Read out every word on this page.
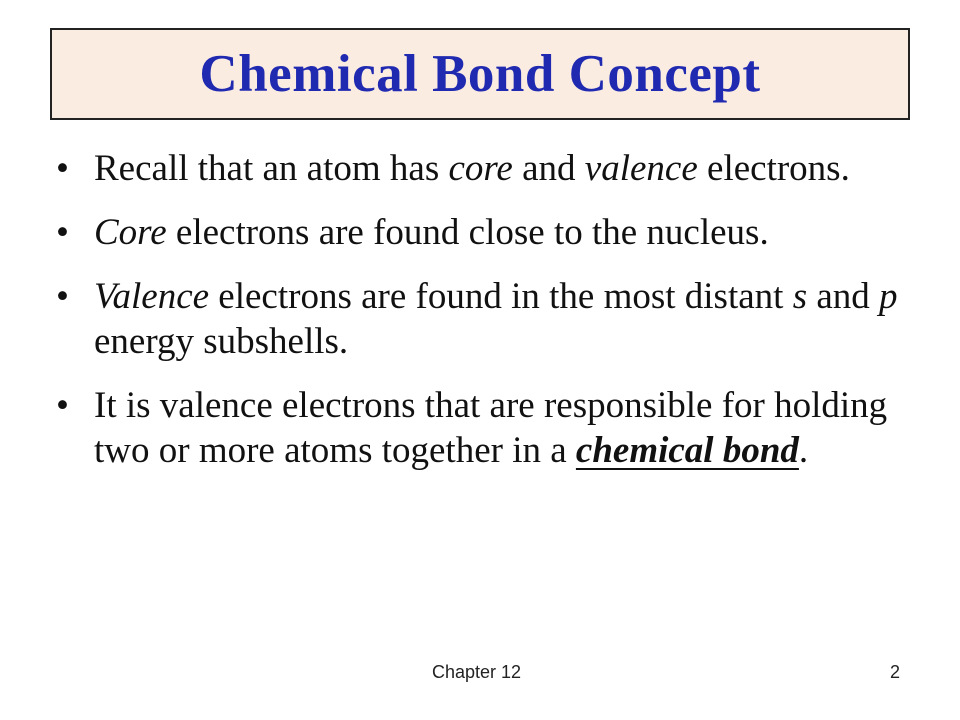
Chemical Bond Concept
• Recall that an atom has core and valence electrons.
• Core electrons are found close to the nucleus.
• Valence electrons are found in the most distant s and p energy subshells.
• It is valence electrons that are responsible for holding two or more atoms together in a chemical bond.
Chapter 12	2
